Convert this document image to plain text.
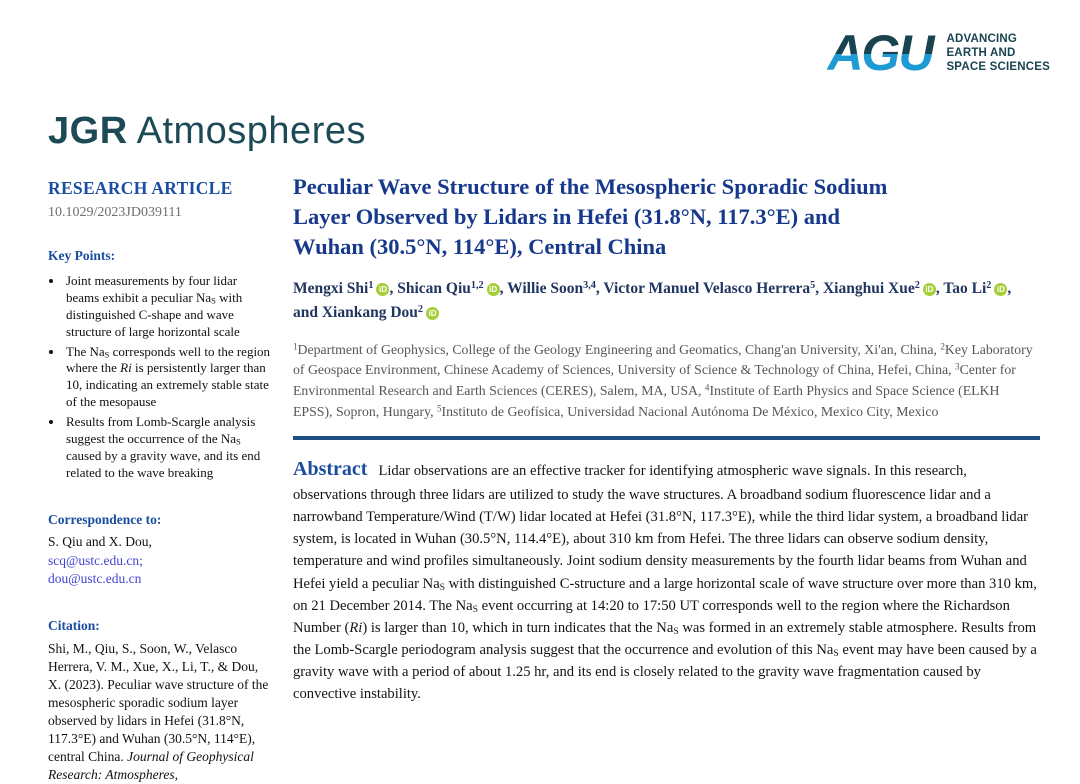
AGU	ADVANCING
EARTH AND
SPACE SCIENCES
JGR Atmospheres
RESEARCH ARTICLE
10.1029/2023JD039111
Key Points:
• Joint measurements by four lidar beams exhibit a peculiar $Na_S$ with distinguished C-shape and wave structure of large horizontal scale
• The $Na_S$ corresponds well to the region where the Ri is persistently larger than 10, indicating an extremely stable state of the mesopause
• Results from Lomb-Scargle analysis suggest the occurrence of the $Na_S$ caused by a gravity wave, and its end related to the wave breaking
Correspondence to:
S. Qiu and X. Dou,
scq@ustc.edu.cn;
dou@ustc.edu.cn
Citation:
Shi, M., Qiu, S., Soon, W., Velasco Herrera, V. M., Xue, X., Li, T., & Dou, X. (2023). Peculiar wave structure of the mesospheric sporadic sodium layer observed by lidars in Hefei (31.8°N, 117.3°E) and Wuhan (30.5°N, 114°E), central China. Journal of Geophysical Research: Atmospheres,
Peculiar Wave Structure of the Mesospheric Sporadic Sodium
Layer Observed by Lidars in Hefei (31.8°N, 117.3°E) and
Wuhan (30.5°N, 114°E), Central China
Mengxi Shi$^1$ iD , Shican Qiu$^{1,2}$ iD , Willie Soon$^{3,4}$, Victor Manuel Velasco Herrera$^5$, Xianghui Xue$^2$ iD , Tao Li$^2$ iD , and Xiankang Dou$^2$ iD
$^1$Department of Geophysics, College of the Geology Engineering and Geomatics, Chang'an University, Xi'an, China, $^2$Key Laboratory of Geospace Environment, Chinese Academy of Sciences, University of Science & Technology of China, Hefei, China, $^3$Center for Environmental Research and Earth Sciences (CERES), Salem, MA, USA, $^4$Institute of Earth Physics and Space Science (ELKH EPSS), Sopron, Hungary, $^5$Instituto de Geofísica, Universidad Nacional Autónoma De México, Mexico City, Mexico

Abstract Lidar observations are an effective tracker for identifying atmospheric wave signals. In this research, observations through three lidars are utilized to study the wave structures. A broadband sodium fluorescence lidar and a narrowband Temperature/Wind (T/W) lidar located at Hefei (31.8°N, 117.3°E), while the third lidar system, a broadband lidar system, is located in Wuhan (30.5°N, 114.4°E), about 310 km from Hefei. The three lidars can observe sodium density, temperature and wind profiles simultaneously. Joint sodium density measurements by the fourth lidar beams from Wuhan and Hefei yield a peculiar $Na_S$ with distinguished C-structure and a large horizontal scale of wave structure over more than 310 km, on 21 December 2014. The $Na_S$ event occurring at 14:20 to 17:50 UT corresponds well to the region where the Richardson Number (Ri) is larger than 10, which in turn indicates that the $Na_S$ was formed in an extremely stable atmosphere. Results from the Lomb-Scargle periodogram analysis suggest that the occurrence and evolution of this $Na_S$ event may have been caused by a gravity wave with a period of about 1.25 hr, and its end is closely related to the gravity wave fragmentation caused by convective instability.
